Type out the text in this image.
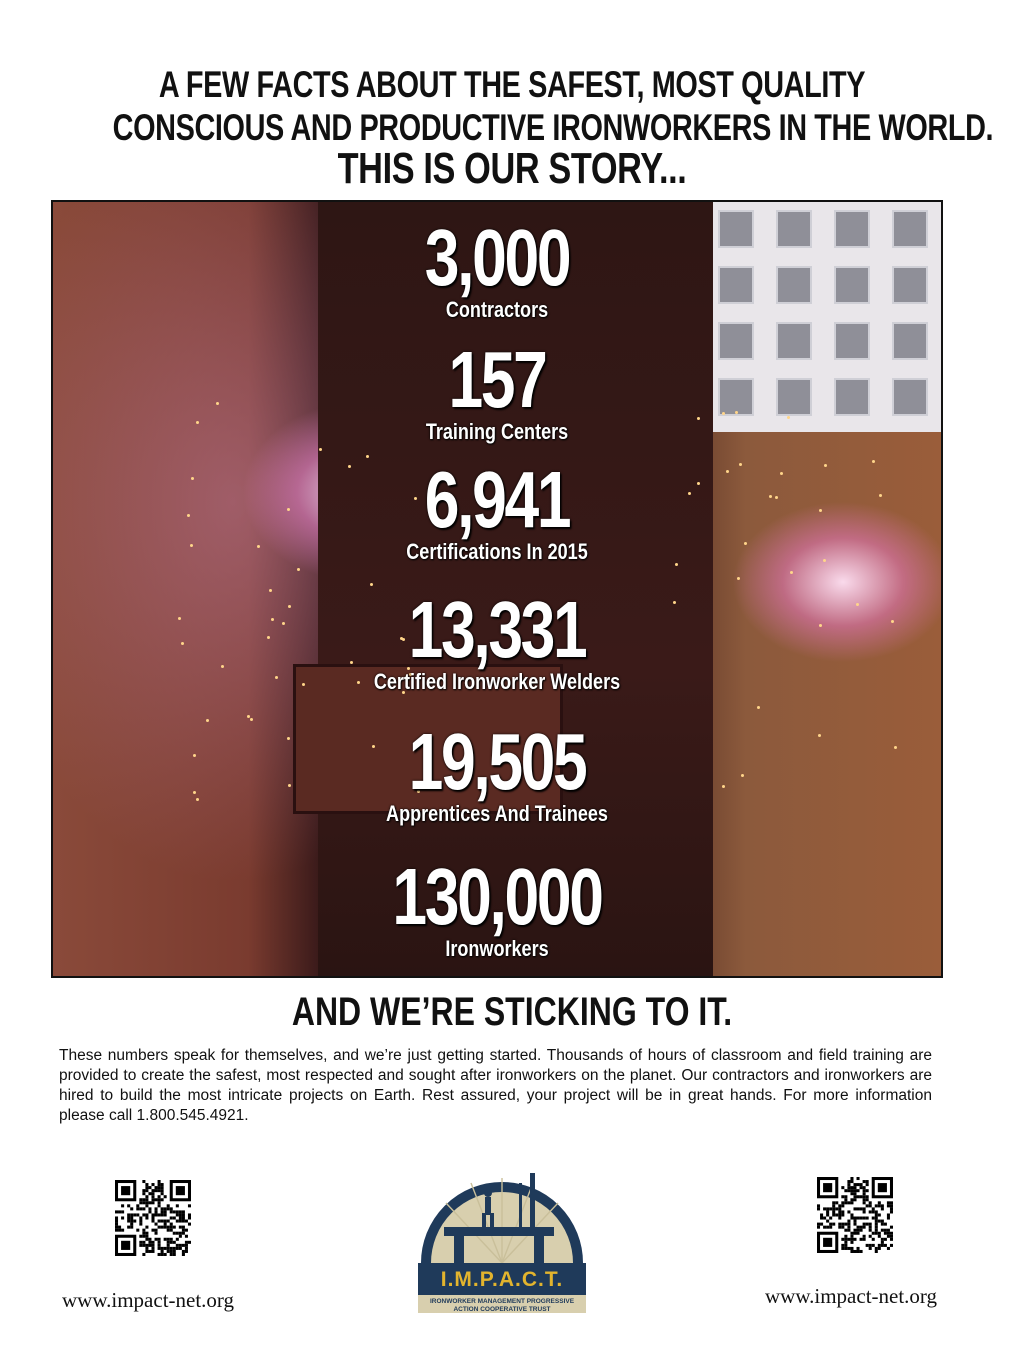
A FEW FACTS ABOUT THE SAFEST, MOST QUALITY
CONSCIOUS AND PRODUCTIVE IRONWORKERS IN THE WORLD.
THIS IS OUR STORY...
3,000
Contractors
157
Training Centers
6,941
Certifications In 2015
13,331
Certified Ironworker Welders
19,505
Apprentices And Trainees
130,000
Ironworkers
AND WE’RE STICKING TO IT.
These numbers speak for themselves, and we’re just getting started. Thousands of hours of classroom and field training are provided to create the safest, most respected and sought after ironworkers on the planet. Our contractors and ironworkers are hired to build the most intricate projects on Earth. Rest assured, your project will be in great hands. For more information please call 1.800.545.4921.
I.M.P.A.C.T.
IRONWORKER MANAGEMENT PROGRESSIVE
ACTION COOPERATIVE TRUST
www.impact-net.org	www.impact-net.org
